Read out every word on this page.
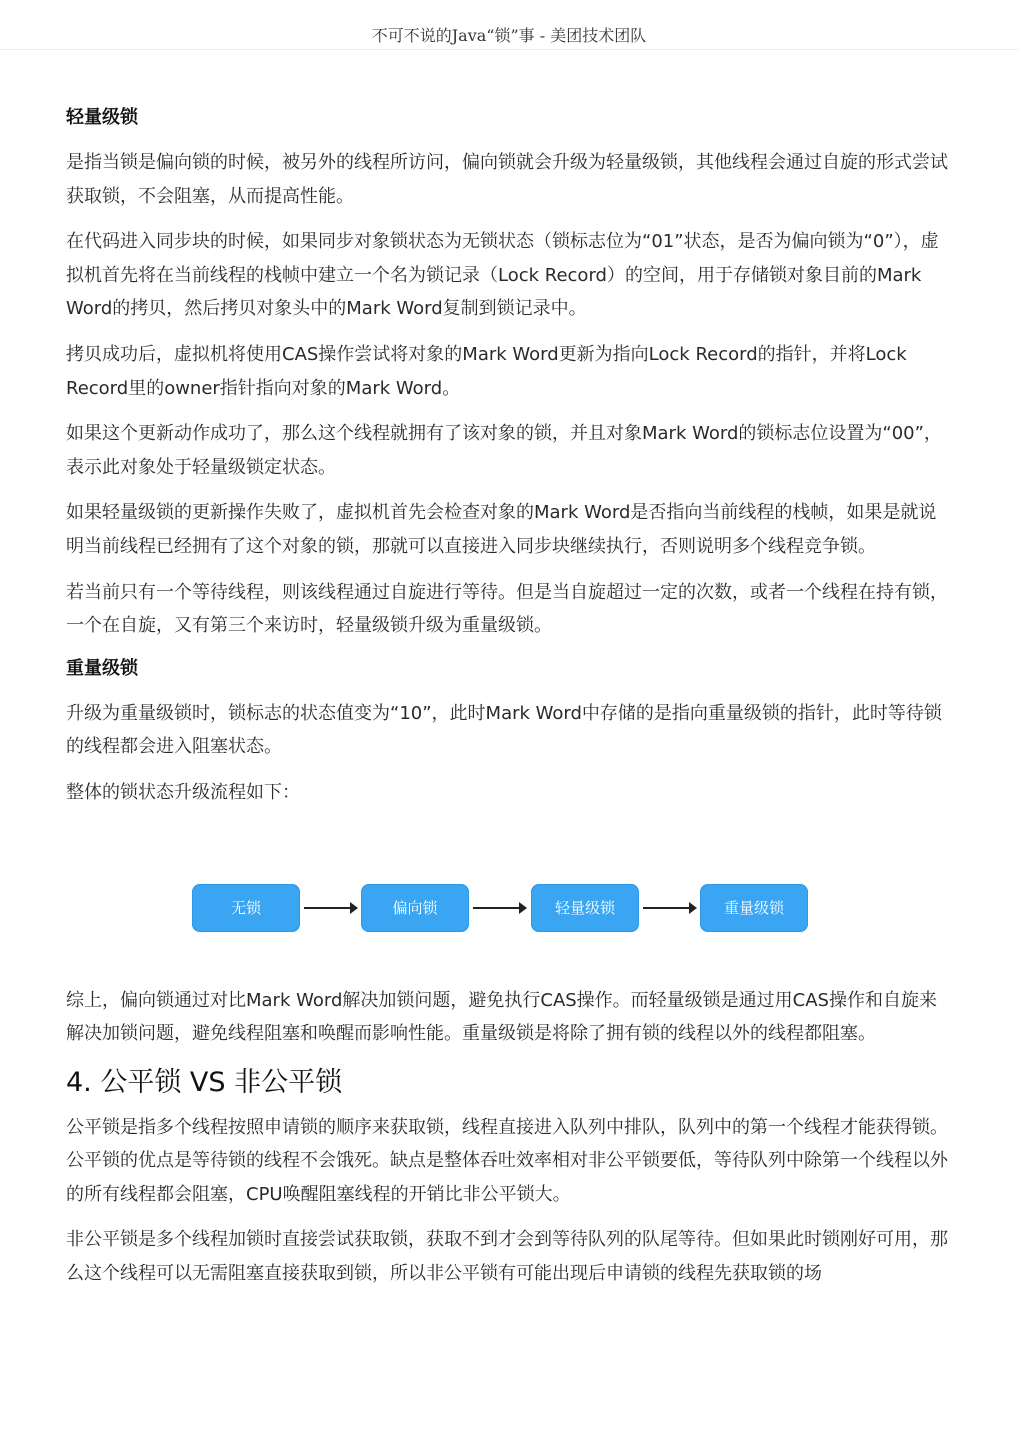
不可不说的Java“锁”事 - 美团技术团队
轻量级锁
是指当锁是偏向锁的时候，被另外的线程所访问，偏向锁就会升级为轻量级锁，其他线程会通过自旋的形式尝试获取锁，不会阻塞，从而提高性能。
在代码进入同步块的时候，如果同步对象锁状态为无锁状态（锁标志位为“01”状态，是否为偏向锁为“0”），虚拟机首先将在当前线程的栈帧中建立一个名为锁记录（Lock Record）的空间，用于存储锁对象目前的Mark Word的拷贝，然后拷贝对象头中的Mark Word复制到锁记录中。
拷贝成功后，虚拟机将使用CAS操作尝试将对象的Mark Word更新为指向Lock Record的指针，并将Lock Record里的owner指针指向对象的Mark Word。
如果这个更新动作成功了，那么这个线程就拥有了该对象的锁，并且对象Mark Word的锁标志位设置为“00”，表示此对象处于轻量级锁定状态。
如果轻量级锁的更新操作失败了，虚拟机首先会检查对象的Mark Word是否指向当前线程的栈帧，如果是就说明当前线程已经拥有了这个对象的锁，那就可以直接进入同步块继续执行，否则说明多个线程竞争锁。
若当前只有一个等待线程，则该线程通过自旋进行等待。但是当自旋超过一定的次数，或者一个线程在持有锁，一个在自旋，又有第三个来访时，轻量级锁升级为重量级锁。
重量级锁
升级为重量级锁时，锁标志的状态值变为“10”，此时Mark Word中存储的是指向重量级锁的指针，此时等待锁的线程都会进入阻塞状态。
整体的锁状态升级流程如下：
无锁	偏向锁	轻量级锁	重量级锁
综上，偏向锁通过对比Mark Word解决加锁问题，避免执行CAS操作。而轻量级锁是通过用CAS操作和自旋来解决加锁问题，避免线程阻塞和唤醒而影响性能。重量级锁是将除了拥有锁的线程以外的线程都阻塞。
4. 公平锁 VS 非公平锁
公平锁是指多个线程按照申请锁的顺序来获取锁，线程直接进入队列中排队，队列中的第一个线程才能获得锁。公平锁的优点是等待锁的线程不会饿死。缺点是整体吞吐效率相对非公平锁要低，等待队列中除第一个线程以外的所有线程都会阻塞，CPU唤醒阻塞线程的开销比非公平锁大。
非公平锁是多个线程加锁时直接尝试获取锁，获取不到才会到等待队列的队尾等待。但如果此时锁刚好可用，那么这个线程可以无需阻塞直接获取到锁，所以非公平锁有可能出现后申请锁的线程先获取锁的场
